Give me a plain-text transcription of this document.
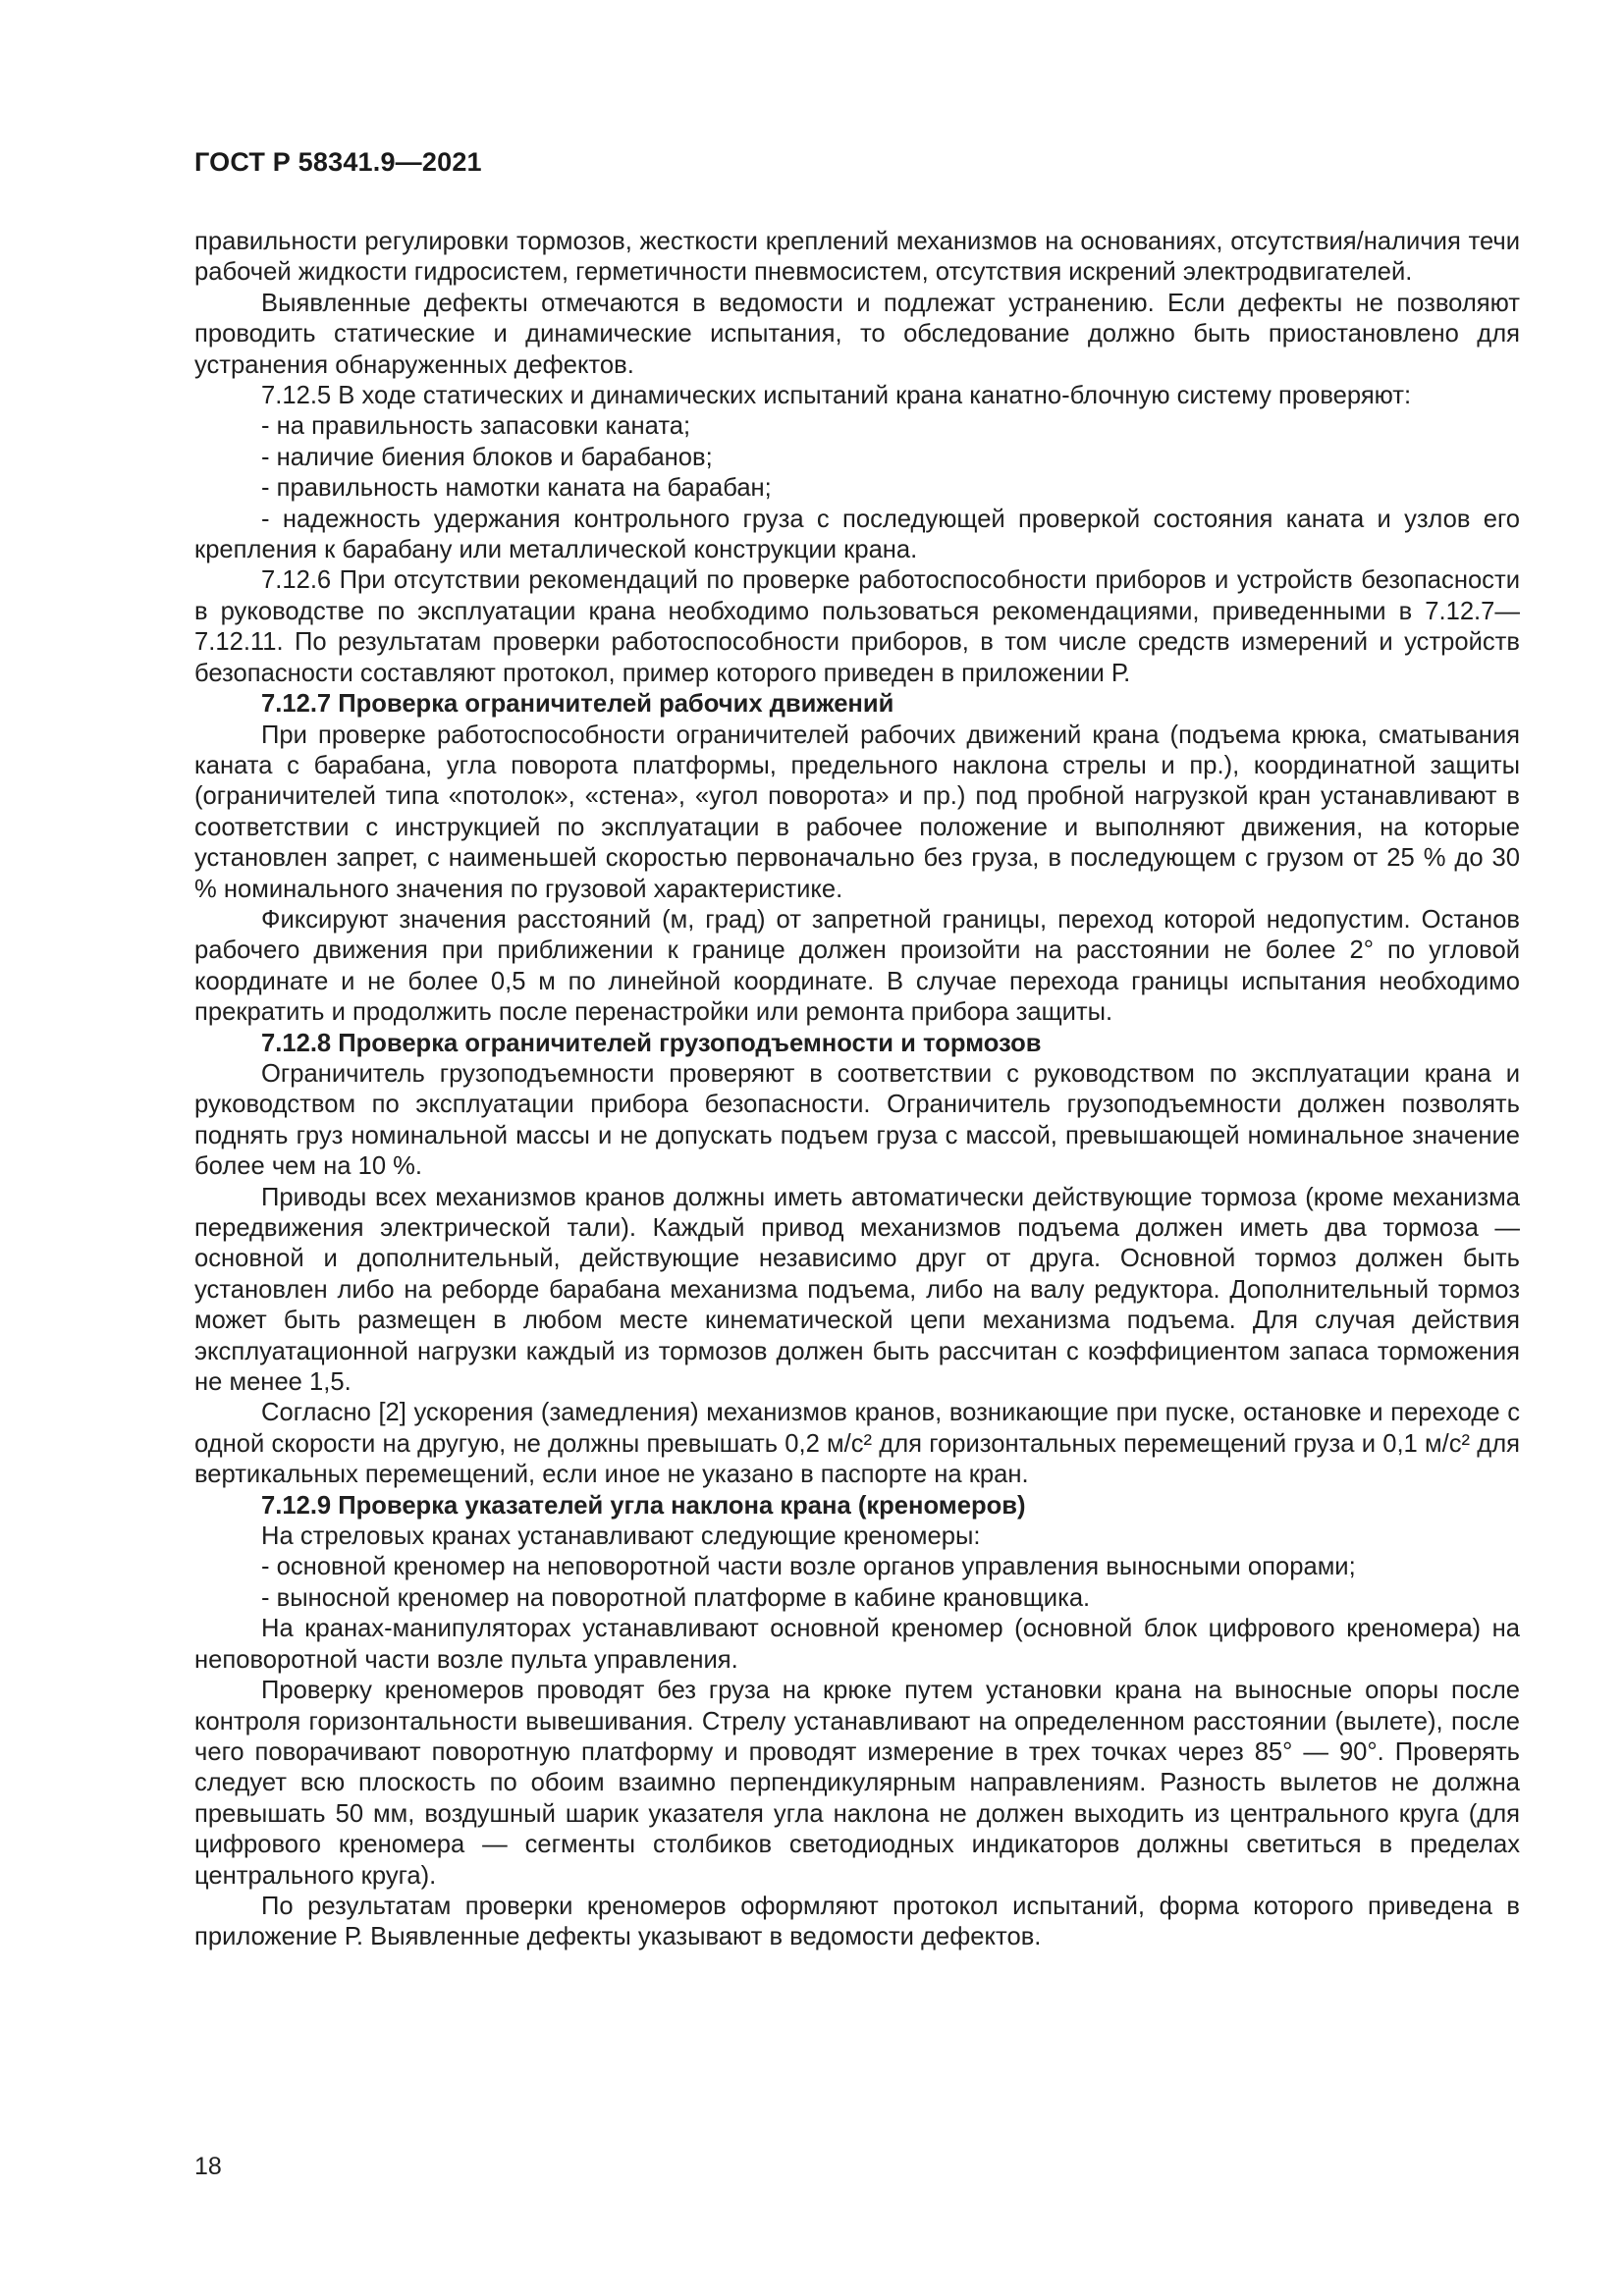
ГОСТ Р 58341.9—2021

правильности регулировки тормозов, жесткости креплений механизмов на основаниях, отсутствия/наличия течи рабочей жидкости гидросистем, герметичности пневмосистем, отсутствия искрений электродвигателей.

Выявленные дефекты отмечаются в ведомости и подлежат устранению. Если дефекты не позволяют проводить статические и динамические испытания, то обследование должно быть приостановлено для устранения обнаруженных дефектов.

7.12.5 В ходе статических и динамических испытаний крана канатно-блочную систему проверяют:

- на правильность запасовки каната;

- наличие биения блоков и барабанов;

- правильность намотки каната на барабан;

- надежность удержания контрольного груза с последующей проверкой состояния каната и узлов его крепления к барабану или металлической конструкции крана.

7.12.6 При отсутствии рекомендаций по проверке работоспособности приборов и устройств безопасности в руководстве по эксплуатации крана необходимо пользоваться рекомендациями, приведенными в 7.12.7—7.12.11. По результатам проверки работоспособности приборов, в том числе средств измерений и устройств безопасности составляют протокол, пример которого приведен в приложении Р.

7.12.7 Проверка ограничителей рабочих движений

При проверке работоспособности ограничителей рабочих движений крана (подъема крюка, сматывания каната с барабана, угла поворота платформы, предельного наклона стрелы и пр.), координатной защиты (ограничителей типа «потолок», «стена», «угол поворота» и пр.) под пробной нагрузкой кран устанавливают в соответствии с инструкцией по эксплуатации в рабочее положение и выполняют движения, на которые установлен запрет, с наименьшей скоростью первоначально без груза, в последующем с грузом от 25 % до 30 % номинального значения по грузовой характеристике.

Фиксируют значения расстояний (м, град) от запретной границы, переход которой недопустим. Останов рабочего движения при приближении к границе должен произойти на расстоянии не более 2° по угловой координате и не более 0,5 м по линейной координате. В случае перехода границы испытания необходимо прекратить и продолжить после перенастройки или ремонта прибора защиты.

7.12.8 Проверка ограничителей грузоподъемности и тормозов

Ограничитель грузоподъемности проверяют в соответствии с руководством по эксплуатации крана и руководством по эксплуатации прибора безопасности. Ограничитель грузоподъемности должен позволять поднять груз номинальной массы и не допускать подъем груза с массой, превышающей номинальное значение более чем на 10 %.

Приводы всех механизмов кранов должны иметь автоматически действующие тормоза (кроме механизма передвижения электрической тали). Каждый привод механизмов подъема должен иметь два тормоза — основной и дополнительный, действующие независимо друг от друга. Основной тормоз должен быть установлен либо на реборде барабана механизма подъема, либо на валу редуктора. Дополнительный тормоз может быть размещен в любом месте кинематической цепи механизма подъема. Для случая действия эксплуатационной нагрузки каждый из тормозов должен быть рассчитан с коэффициентом запаса торможения не менее 1,5.

Согласно [2] ускорения (замедления) механизмов кранов, возникающие при пуске, остановке и переходе с одной скорости на другую, не должны превышать 0,2 м/с² для горизонтальных перемещений груза и 0,1 м/с² для вертикальных перемещений, если иное не указано в паспорте на кран.

7.12.9 Проверка указателей угла наклона крана (креномеров)

На стреловых кранах устанавливают следующие креномеры:

- основной креномер на неповоротной части возле органов управления выносными опорами;

- выносной креномер на поворотной платформе в кабине крановщика.

На кранах-манипуляторах устанавливают основной креномер (основной блок цифрового креномера) на неповоротной части возле пульта управления.

Проверку креномеров проводят без груза на крюке путем установки крана на выносные опоры после контроля горизонтальности вывешивания. Стрелу устанавливают на определенном расстоянии (вылете), после чего поворачивают поворотную платформу и проводят измерение в трех точках через 85° — 90°. Проверять следует всю плоскость по обоим взаимно перпендикулярным направлениям. Разность вылетов не должна превышать 50 мм, воздушный шарик указателя угла наклона не должен выходить из центрального круга (для цифрового креномера — сегменты столбиков светодиодных индикаторов должны светиться в пределах центрального круга).

По результатам проверки креномеров оформляют протокол испытаний, форма которого приведена в приложение Р. Выявленные дефекты указывают в ведомости дефектов.

18
